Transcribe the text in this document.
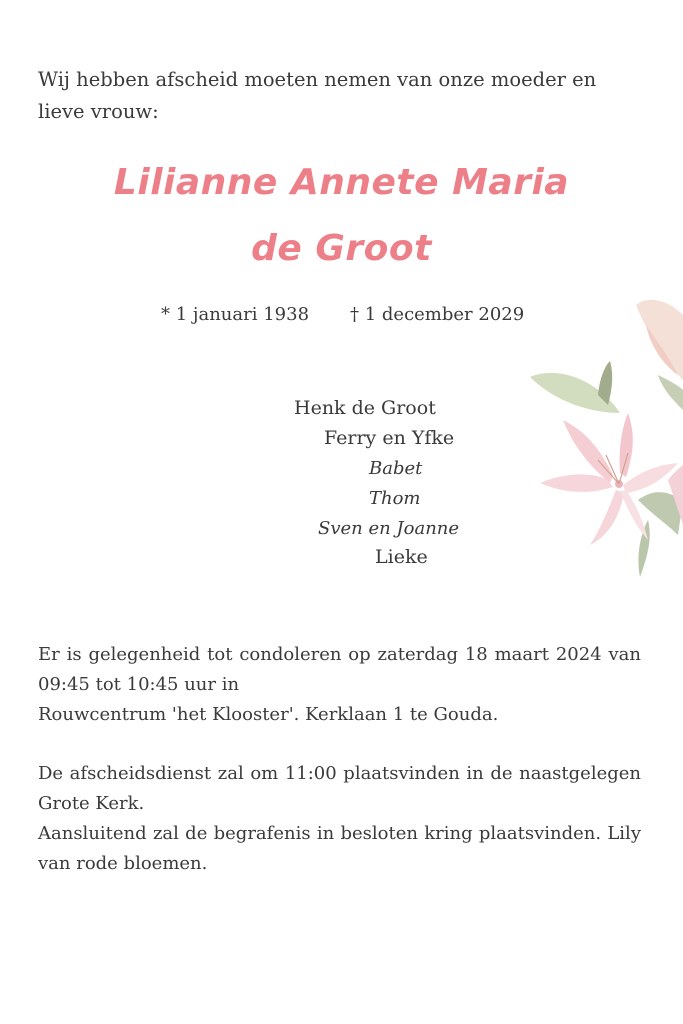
Wij hebben afscheid moeten nemen van onze moeder en lieve vrouw:

Lilianne Annete Maria
de Groot
* 1 januari 1938 † 1 december 2029
Henk de Groot
Ferry en Yfke
Babet
Thom
Sven en Joanne
Lieke

Er is gelegenheid tot condoleren op zaterdag 18 maart 2024 van 09:45 tot 10:45 uur in
Rouwcentrum 'het Klooster'. Kerklaan 1 te Gouda.

De afscheidsdienst zal om 11:00 plaatsvinden in de naastgelegen Grote Kerk.
Aansluitend zal de begrafenis in besloten kring plaatsvinden. Lily van rode bloemen.
